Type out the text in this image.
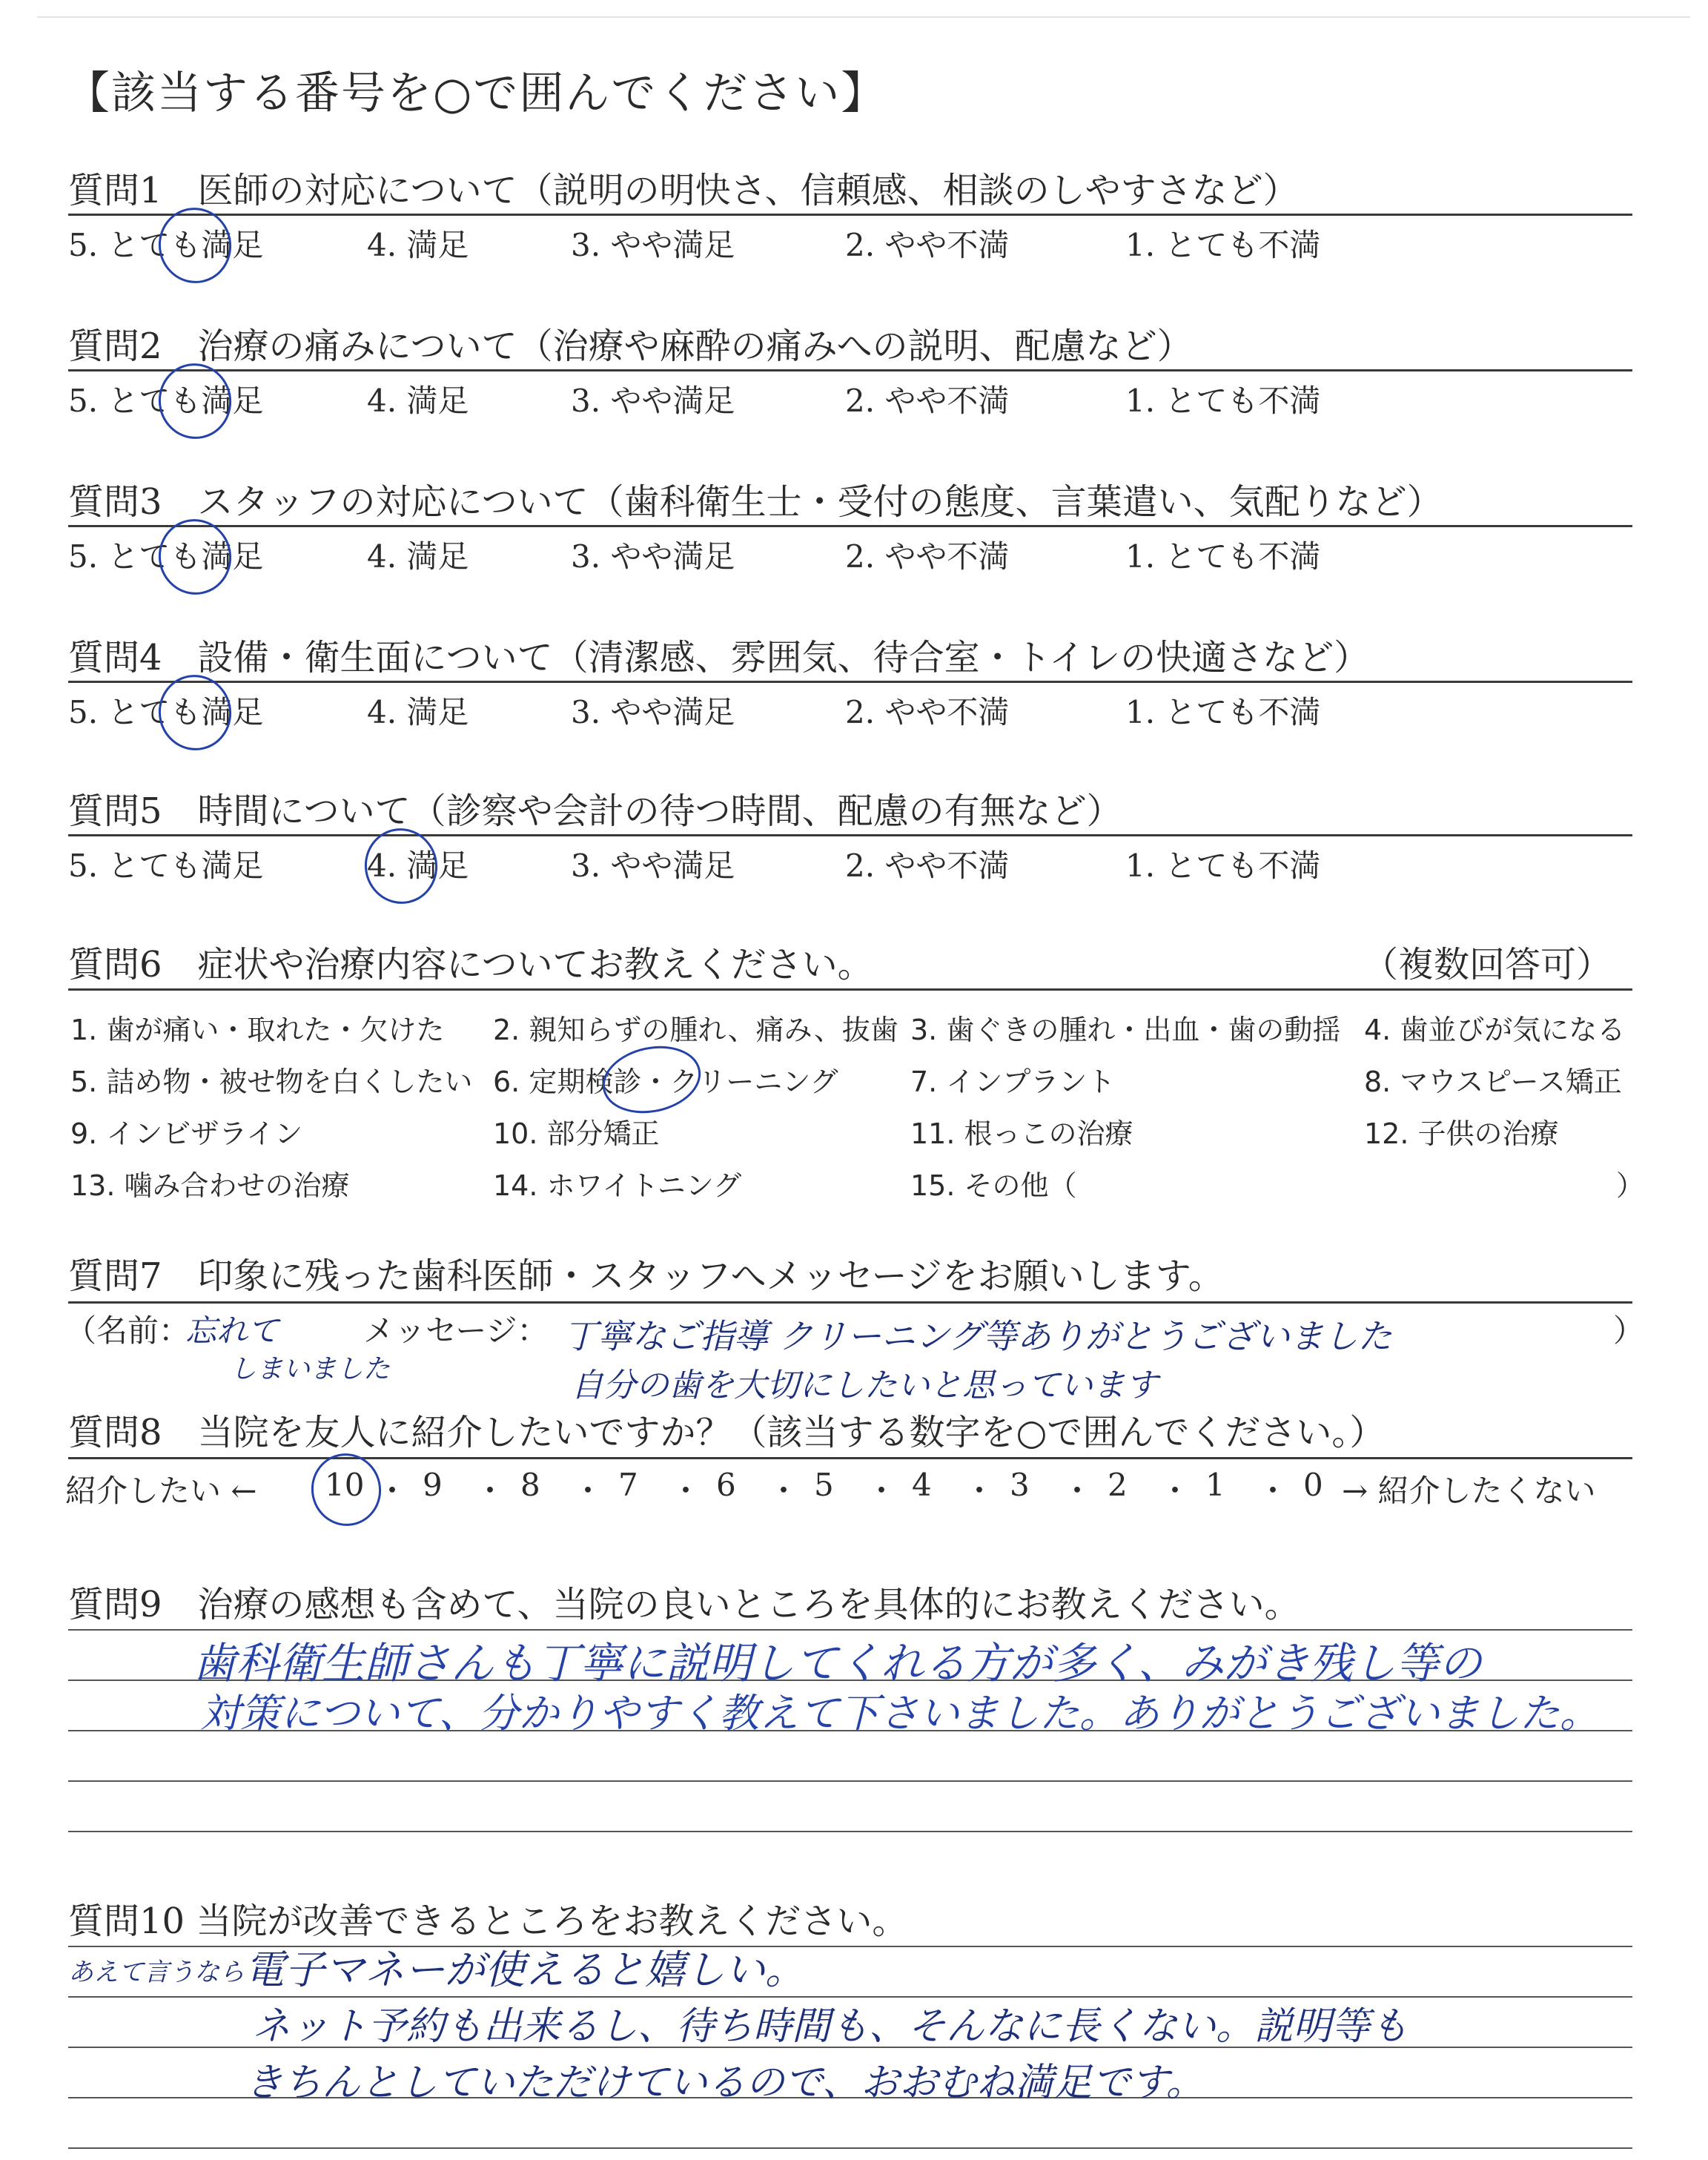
【該当する番号を○で囲んでください】
質問1　医師の対応について（説明の明快さ、信頼感、相談のしやすさなど）
5. とても満足	4. 満足	3. やや満足	2. やや不満	1. とても不満
質問2　治療の痛みについて（治療や麻酔の痛みへの説明、配慮など）
5. とても満足	4. 満足	3. やや満足	2. やや不満	1. とても不満
質問3　スタッフの対応について（歯科衛生士・受付の態度、言葉遣い、気配りなど）
5. とても満足	4. 満足	3. やや満足	2. やや不満	1. とても不満
質問4　設備・衛生面について（清潔感、雰囲気、待合室・トイレの快適さなど）
5. とても満足	4. 満足	3. やや満足	2. やや不満	1. とても不満
質問5　時間について（診察や会計の待つ時間、配慮の有無など）
5. とても満足	4. 満足	3. やや満足	2. やや不満	1. とても不満
質問6　症状や治療内容についてお教えください。	（複数回答可）
1. 歯が痛い・取れた・欠けた 2. 親知らずの腫れ、痛み、抜歯 3. 歯ぐきの腫れ・出血・歯の動揺 4. 歯並びが気になる
5. 詰め物・被せ物を白くしたい 6. 定期検診・クリーニング	7. インプラント	8. マウスピース矯正
9. インビザライン	10. 部分矯正	11. 根っこの治療	12. 子供の治療
13. 噛み合わせの治療	14. ホワイトニング	15. その他（	）
質問7　印象に残った歯科医師・スタッフへメッセージをお願いします。
（名前：
忘れて
しまいました
メッセージ： 丁寧なご指導 クリーニング等ありがとうございました
自分の歯を大切にしたいと思っています
）
質問8　当院を友人に紹介したいですか？（該当する数字を○で囲んでください。）
紹介したい ←	→ 紹介したくない
10 ・ 9 ・ 8 ・ 7 ・ 6 ・ 5 ・ 4 ・ 3 ・ 2 ・ 1 ・ 0
質問9　治療の感想も含めて、当院の良いところを具体的にお教えください。
歯科衛生師さんも丁寧に説明してくれる方が多く、みがき残し等の
対策について、分かりやすく教えて下さいました。ありがとうございました。
質問10 当院が改善できるところをお教えください。
あえて言うなら 電子マネーが使えると嬉しい。
ネット予約も出来るし、待ち時間も、そんなに長くない。説明等も
きちんとしていただけているので、おおむね満足です。
